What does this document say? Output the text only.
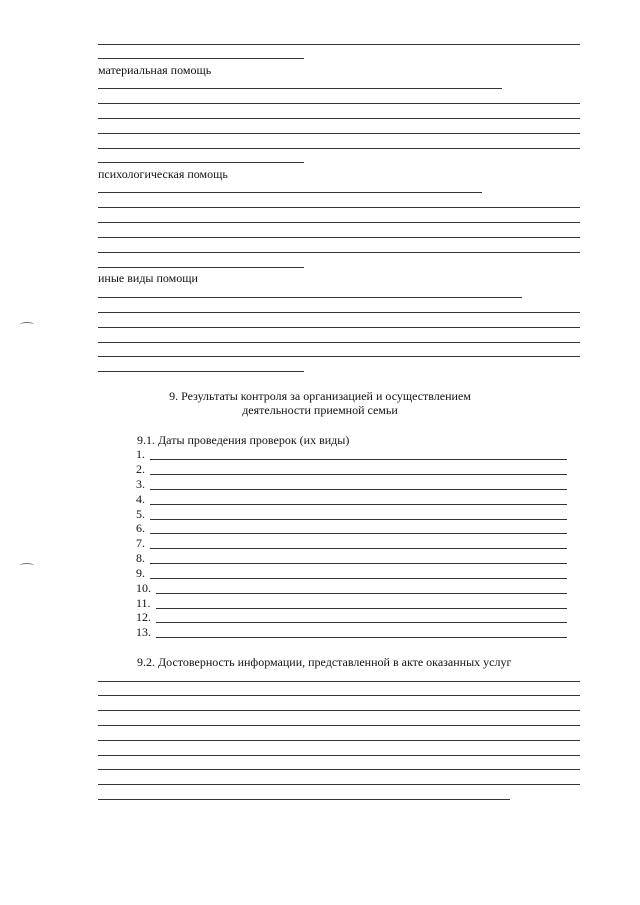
материальная помощь
психологическая помощь
иные виды помощи
9. Результаты контроля за организацией и осуществлением
деятельности приемной семьи
9.1. Даты проведения проверок (их виды)
1.
2.
3.
4.
5.
6.
7.
8.
9.
10.
11.
12.
13.
9.2. Достоверность информации, представленной в акте оказанных услуг
